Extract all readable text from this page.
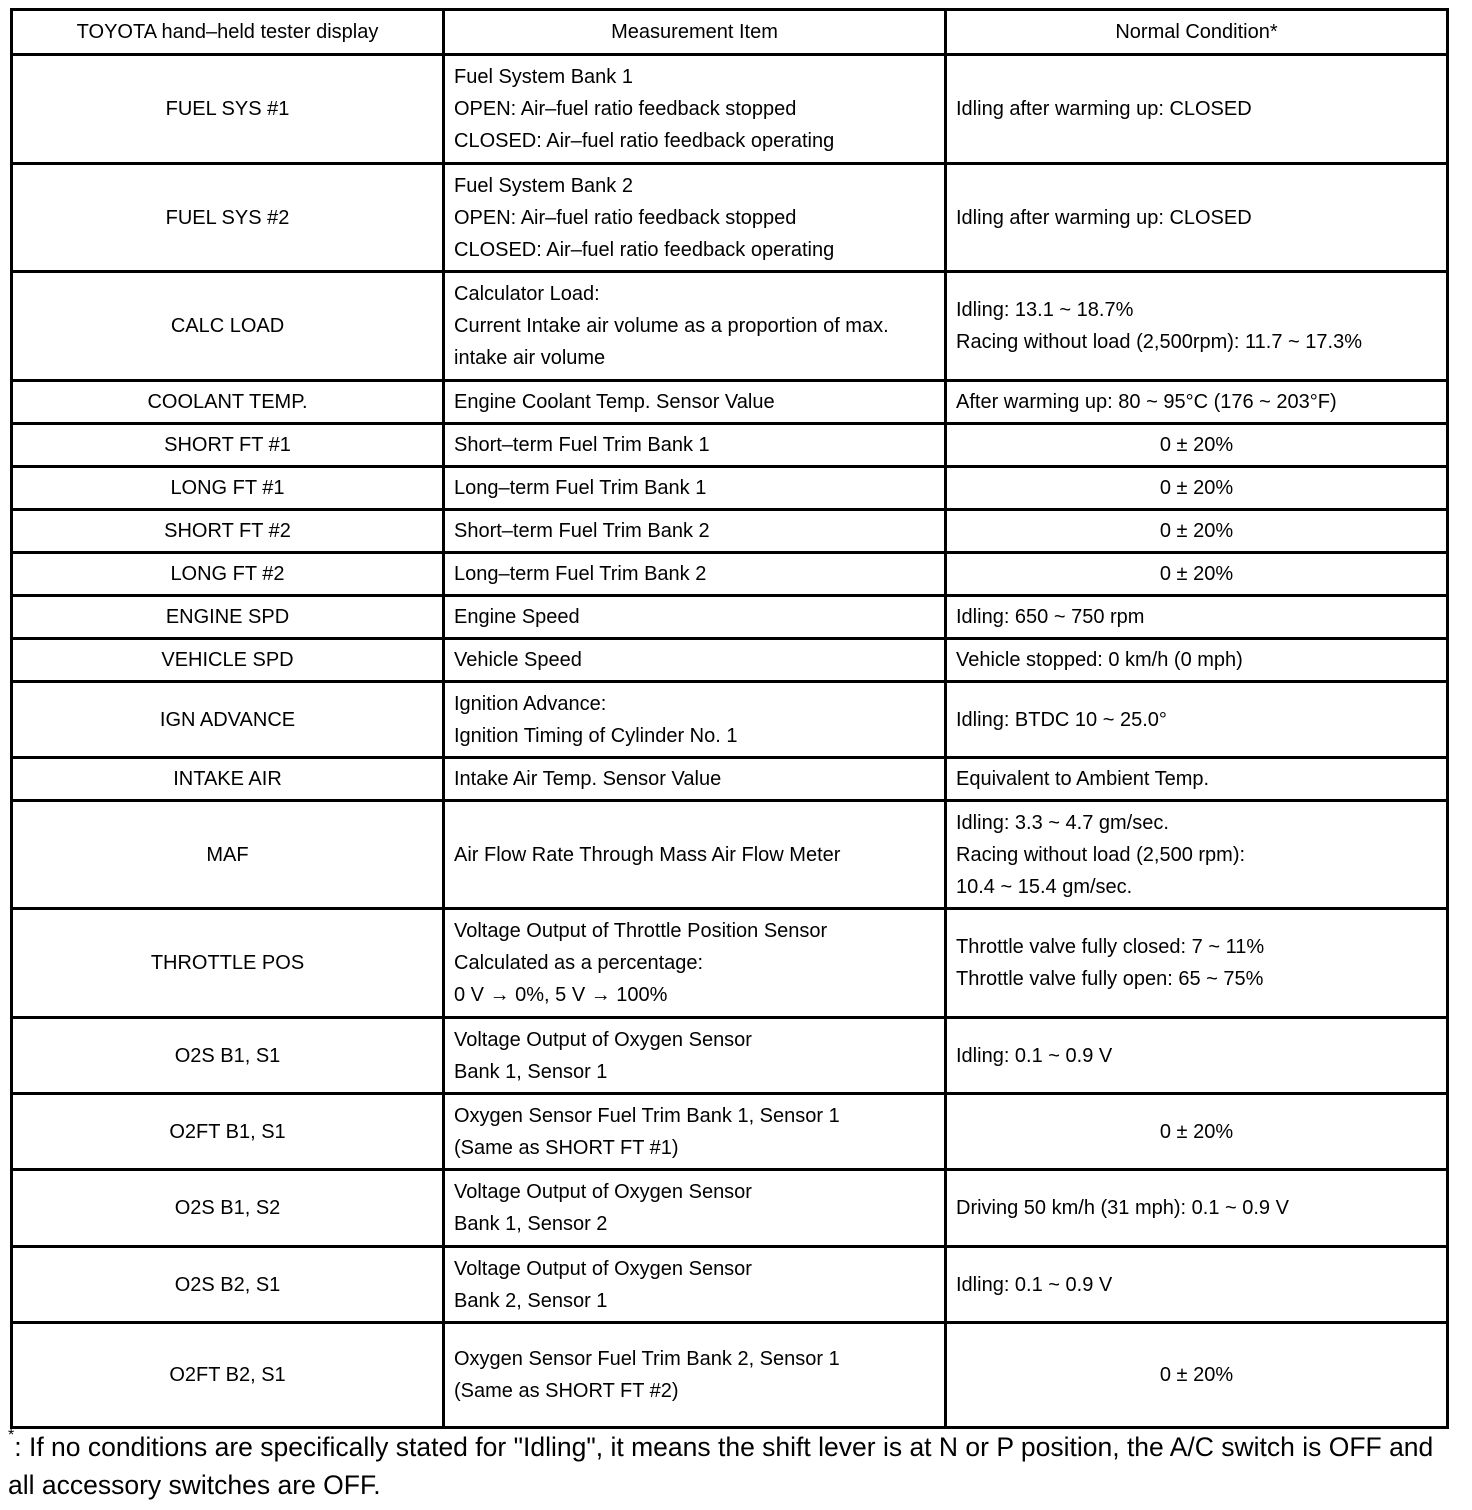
TOYOTA hand–held tester display	Measurement Item	Normal Condition*
FUEL SYS #1	Fuel System Bank 1
OPEN: Air–fuel ratio feedback stopped
CLOSED: Air–fuel ratio feedback operating	Idling after warming up: CLOSED

FUEL SYS #2	Fuel System Bank 2
OPEN: Air–fuel ratio feedback stopped
CLOSED: Air–fuel ratio feedback operating	Idling after warming up: CLOSED

CALC LOAD	Calculator Load:
Current Intake air volume as a proportion of max.
intake air volume	Idling: 13.1 ~ 18.7%
Racing without load (2,500rpm): 11.7 ~ 17.3%

COOLANT TEMP.	Engine Coolant Temp. Sensor Value	After warming up: 80 ~ 95°C (176 ~ 203°F)

SHORT FT #1	Short–term Fuel Trim Bank 1	0 ± 20%

LONG FT #1	Long–term Fuel Trim Bank 1	0 ± 20%

SHORT FT #2	Short–term Fuel Trim Bank 2	0 ± 20%

LONG FT #2	Long–term Fuel Trim Bank 2	0 ± 20%

ENGINE SPD	Engine Speed	Idling: 650 ~ 750 rpm

VEHICLE SPD	Vehicle Speed	Vehicle stopped: 0 km/h (0 mph)

IGN ADVANCE	Ignition Advance:
Ignition Timing of Cylinder No. 1	Idling: BTDC 10 ~ 25.0°

INTAKE AIR	Intake Air Temp. Sensor Value	Equivalent to Ambient Temp.

MAF	Air Flow Rate Through Mass Air Flow Meter	Idling: 3.3 ~ 4.7 gm/sec.
Racing without load (2,500 rpm):
10.4 ~ 15.4 gm/sec.

THROTTLE POS	Voltage Output of Throttle Position Sensor
Calculated as a percentage:
0 V → 0%, 5 V → 100%	Throttle valve fully closed: 7 ~ 11%
Throttle valve fully open: 65 ~ 75%

O2S B1, S1	Voltage Output of Oxygen Sensor
Bank 1, Sensor 1	Idling: 0.1 ~ 0.9 V

O2FT B1, S1	Oxygen Sensor Fuel Trim Bank 1, Sensor 1
(Same as SHORT FT #1)	0 ± 20%

O2S B1, S2	Voltage Output of Oxygen Sensor
Bank 1, Sensor 2	Driving 50 km/h (31 mph): 0.1 ~ 0.9 V

O2S B2, S1	Voltage Output of Oxygen Sensor
Bank 2, Sensor 1	Idling: 0.1 ~ 0.9 V

O2FT B2, S1	Oxygen Sensor Fuel Trim Bank 2, Sensor 1
(Same as SHORT FT #2)	0 ± 20%
*: If no conditions are specifically stated for "Idling", it means the shift lever is at N or P position, the A/C switch is OFF and all accessory switches are OFF.
